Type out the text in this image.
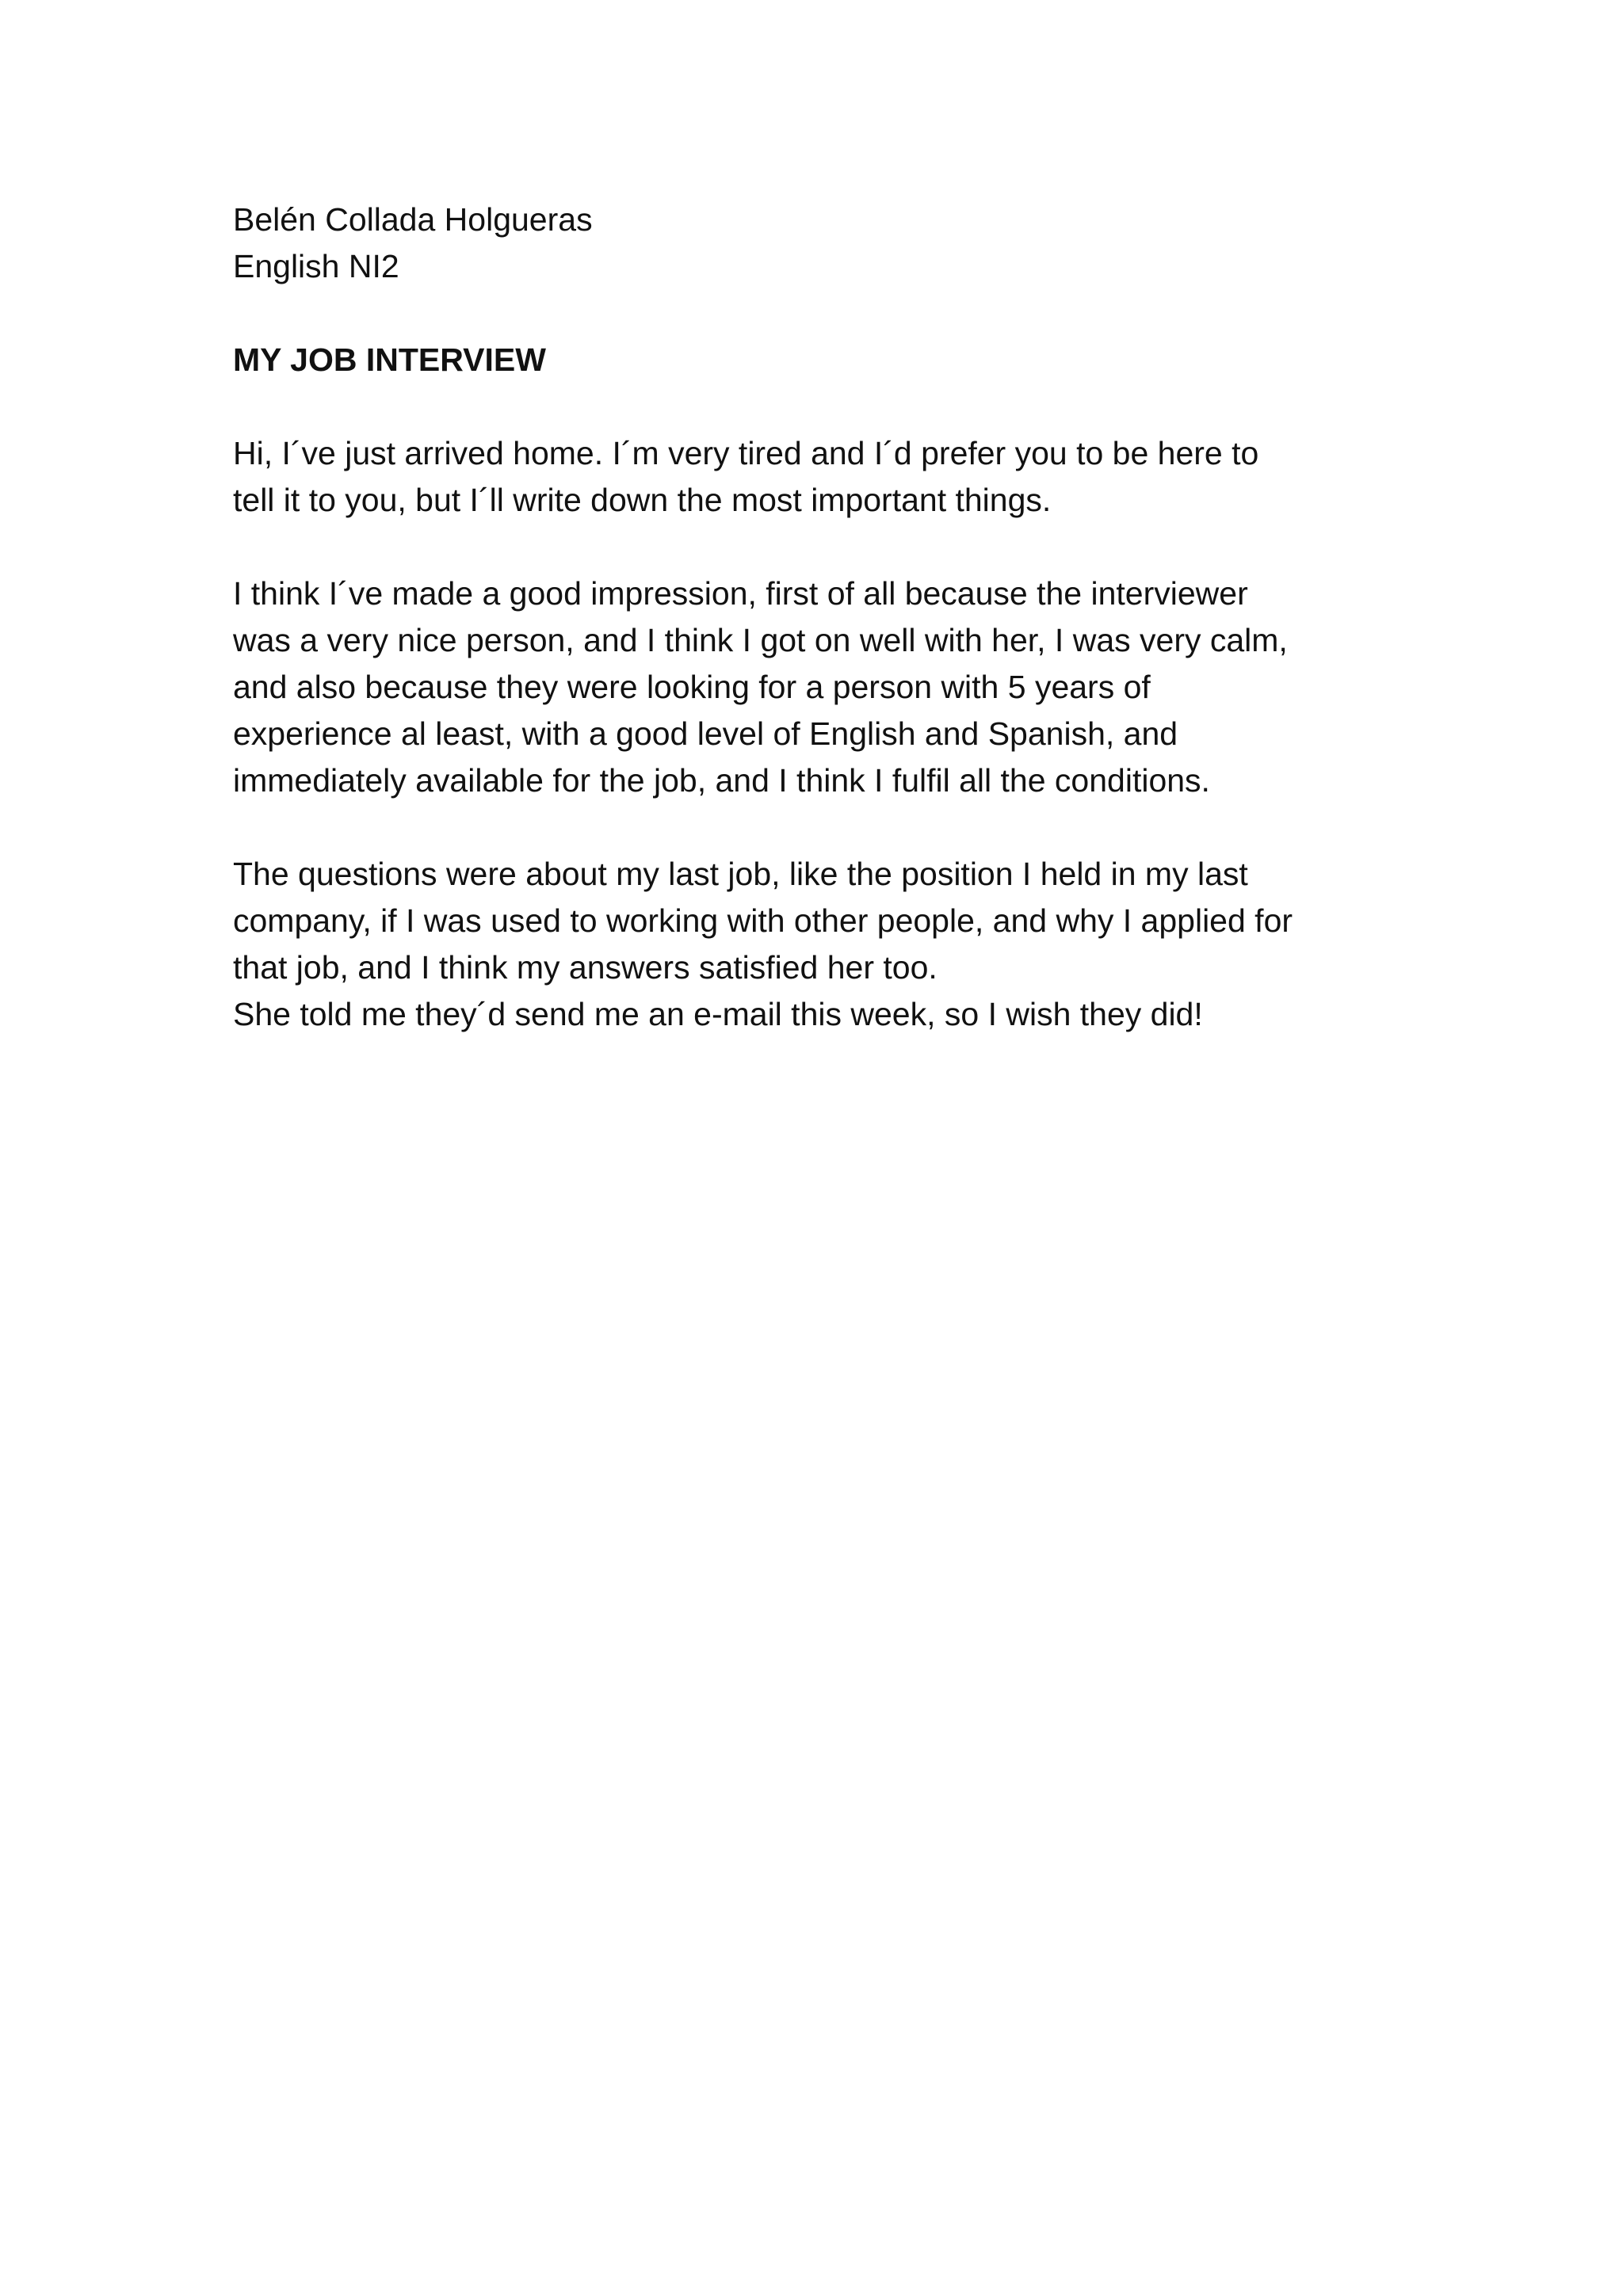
Belén Collada Holgueras
English NI2
MY JOB INTERVIEW
Hi, I´ve just arrived home. I´m very tired and I´d prefer you to be here to
tell it to you, but I´ll write down the most important things.
I think I´ve made a good impression, first of all because the interviewer
was a very nice person, and I think I got on well with her, I was very calm,
and also because they were looking for a person with 5 years of
experience al least, with a good level of English and Spanish, and
immediately available for the job, and I think I fulfil all the conditions.
The questions were about my last job, like the position I held in my last
company, if I was used to working with other people, and why I applied for
that job, and I think my answers satisfied her too.
She told me they´d send me an e-mail this week, so I wish they did!
